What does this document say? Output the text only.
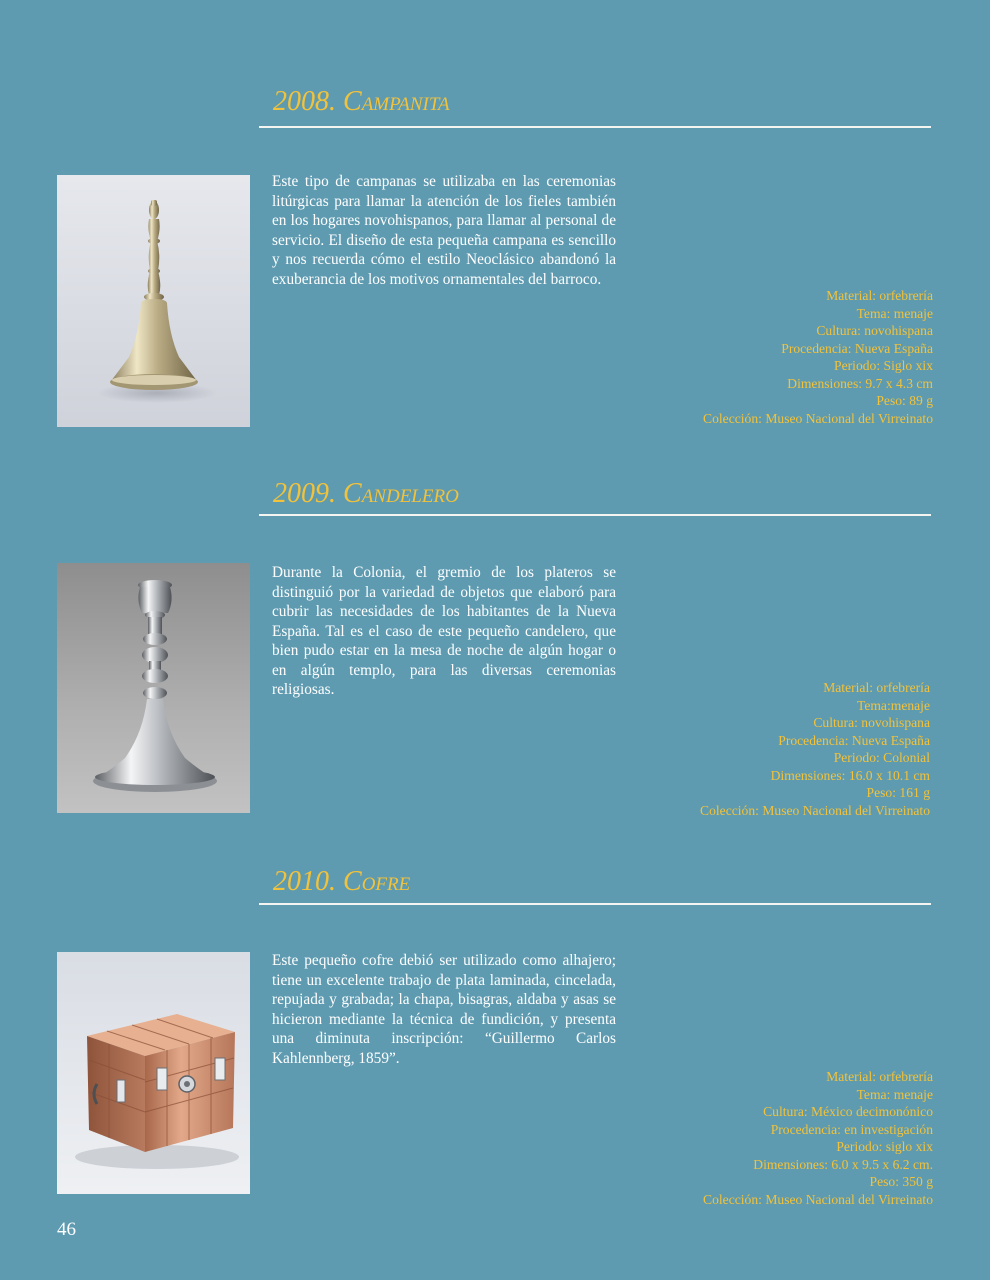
2008. CAMPANITA

Este tipo de campanas se utilizaba en las ceremonias litúrgicas para llamar la atención de los fieles también en los hogares novohispanos, para llamar al personal de servicio. El diseño de esta pequeña campana es sencillo y nos recuerda cómo el estilo Neoclásico abandonó la exuberancia de los motivos ornamentales del barroco.

Material: orfebrería
Tema: menaje
Cultura: novohispana
Procedencia: Nueva España
Periodo: Siglo xix
Dimensiones: 9.7 x 4.3 cm
Peso: 89 g
Colección: Museo Nacional del Virreinato
2009. CANDELERO

Durante la Colonia, el gremio de los plateros se distinguió por la variedad de objetos que elaboró para cubrir las necesidades de los habitantes de la Nueva España. Tal es el caso de este pequeño candelero, que bien pudo estar en la mesa de noche de algún hogar o en algún templo, para las diversas ceremonias religiosas.	Material: orfebrería
Tema:menaje
Cultura: novohispana
Procedencia: Nueva España
Periodo: Colonial
Dimensiones: 16.0 x 10.1 cm
Peso: 161 g
Colección: Museo Nacional del Virreinato
2010. COFRE

Este pequeño cofre debió ser utilizado como alhajero; tiene un excelente trabajo de plata laminada, cincelada, repujada y grabada; la chapa, bisagras, aldaba y asas se hicieron mediante la técnica de fundición, y presenta una diminuta inscripción: “Guillermo Carlos Kahlennberg, 1859”.

Material: orfebrería
Tema: menaje
Cultura: México decimonónico
Procedencia: en investigación
Periodo: siglo xix
Dimensiones: 6.0 x 9.5 x 6.2 cm.
Peso: 350 g
Colección: Museo Nacional del Virreinato
46
